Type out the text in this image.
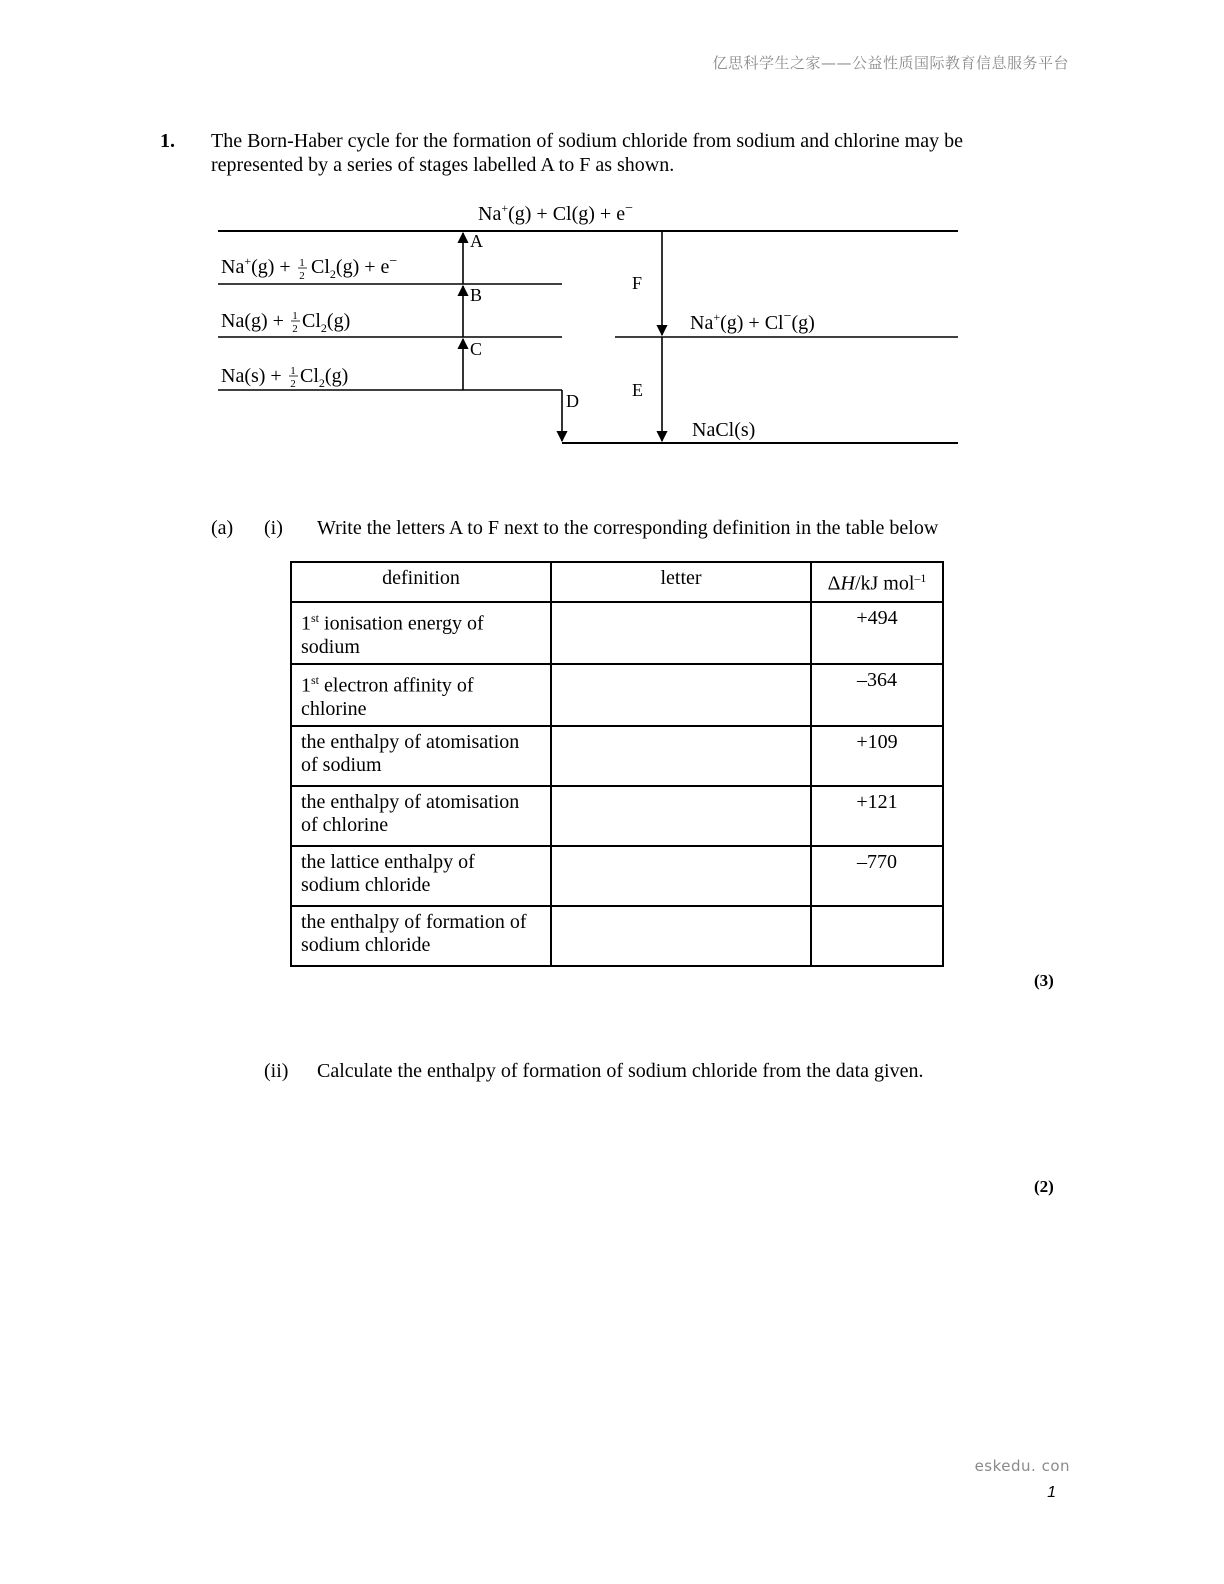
亿思科学生之家——公益性质国际教育信息服务平台
1. The Born-Haber cycle for the formation of sodium chloride from sodium and chlorine may be
represented by a series of stages labelled A to F as shown.
A
B
C
D
E
F
Na+(g) + Cl(g) + e−
Na+(g) + 1
2 $Cl_2(g) + e^-$
Na(g) + 1
2 $Cl_2(g)$
Na(s) + 1
2 $Cl_2(g)$
Na+(g) + Cl−(g)
NaCl(s)
(a) (i) Write the letters A to F next to the corresponding definition in the table below
definition	letter	ΔH/kJ mol$^{-1}$
1st ionisation energy of
sodium		+494
1st electron affinity of
chlorine		–364
the enthalpy of atomisation
of sodium		+109
the enthalpy of atomisation
of chlorine		+121
the lattice enthalpy of
sodium chloride		–770
the enthalpy of formation of
sodium chloride		
(3)
(ii) Calculate the enthalpy of formation of sodium chloride from the data given.
(2)
eskedu. con
1
